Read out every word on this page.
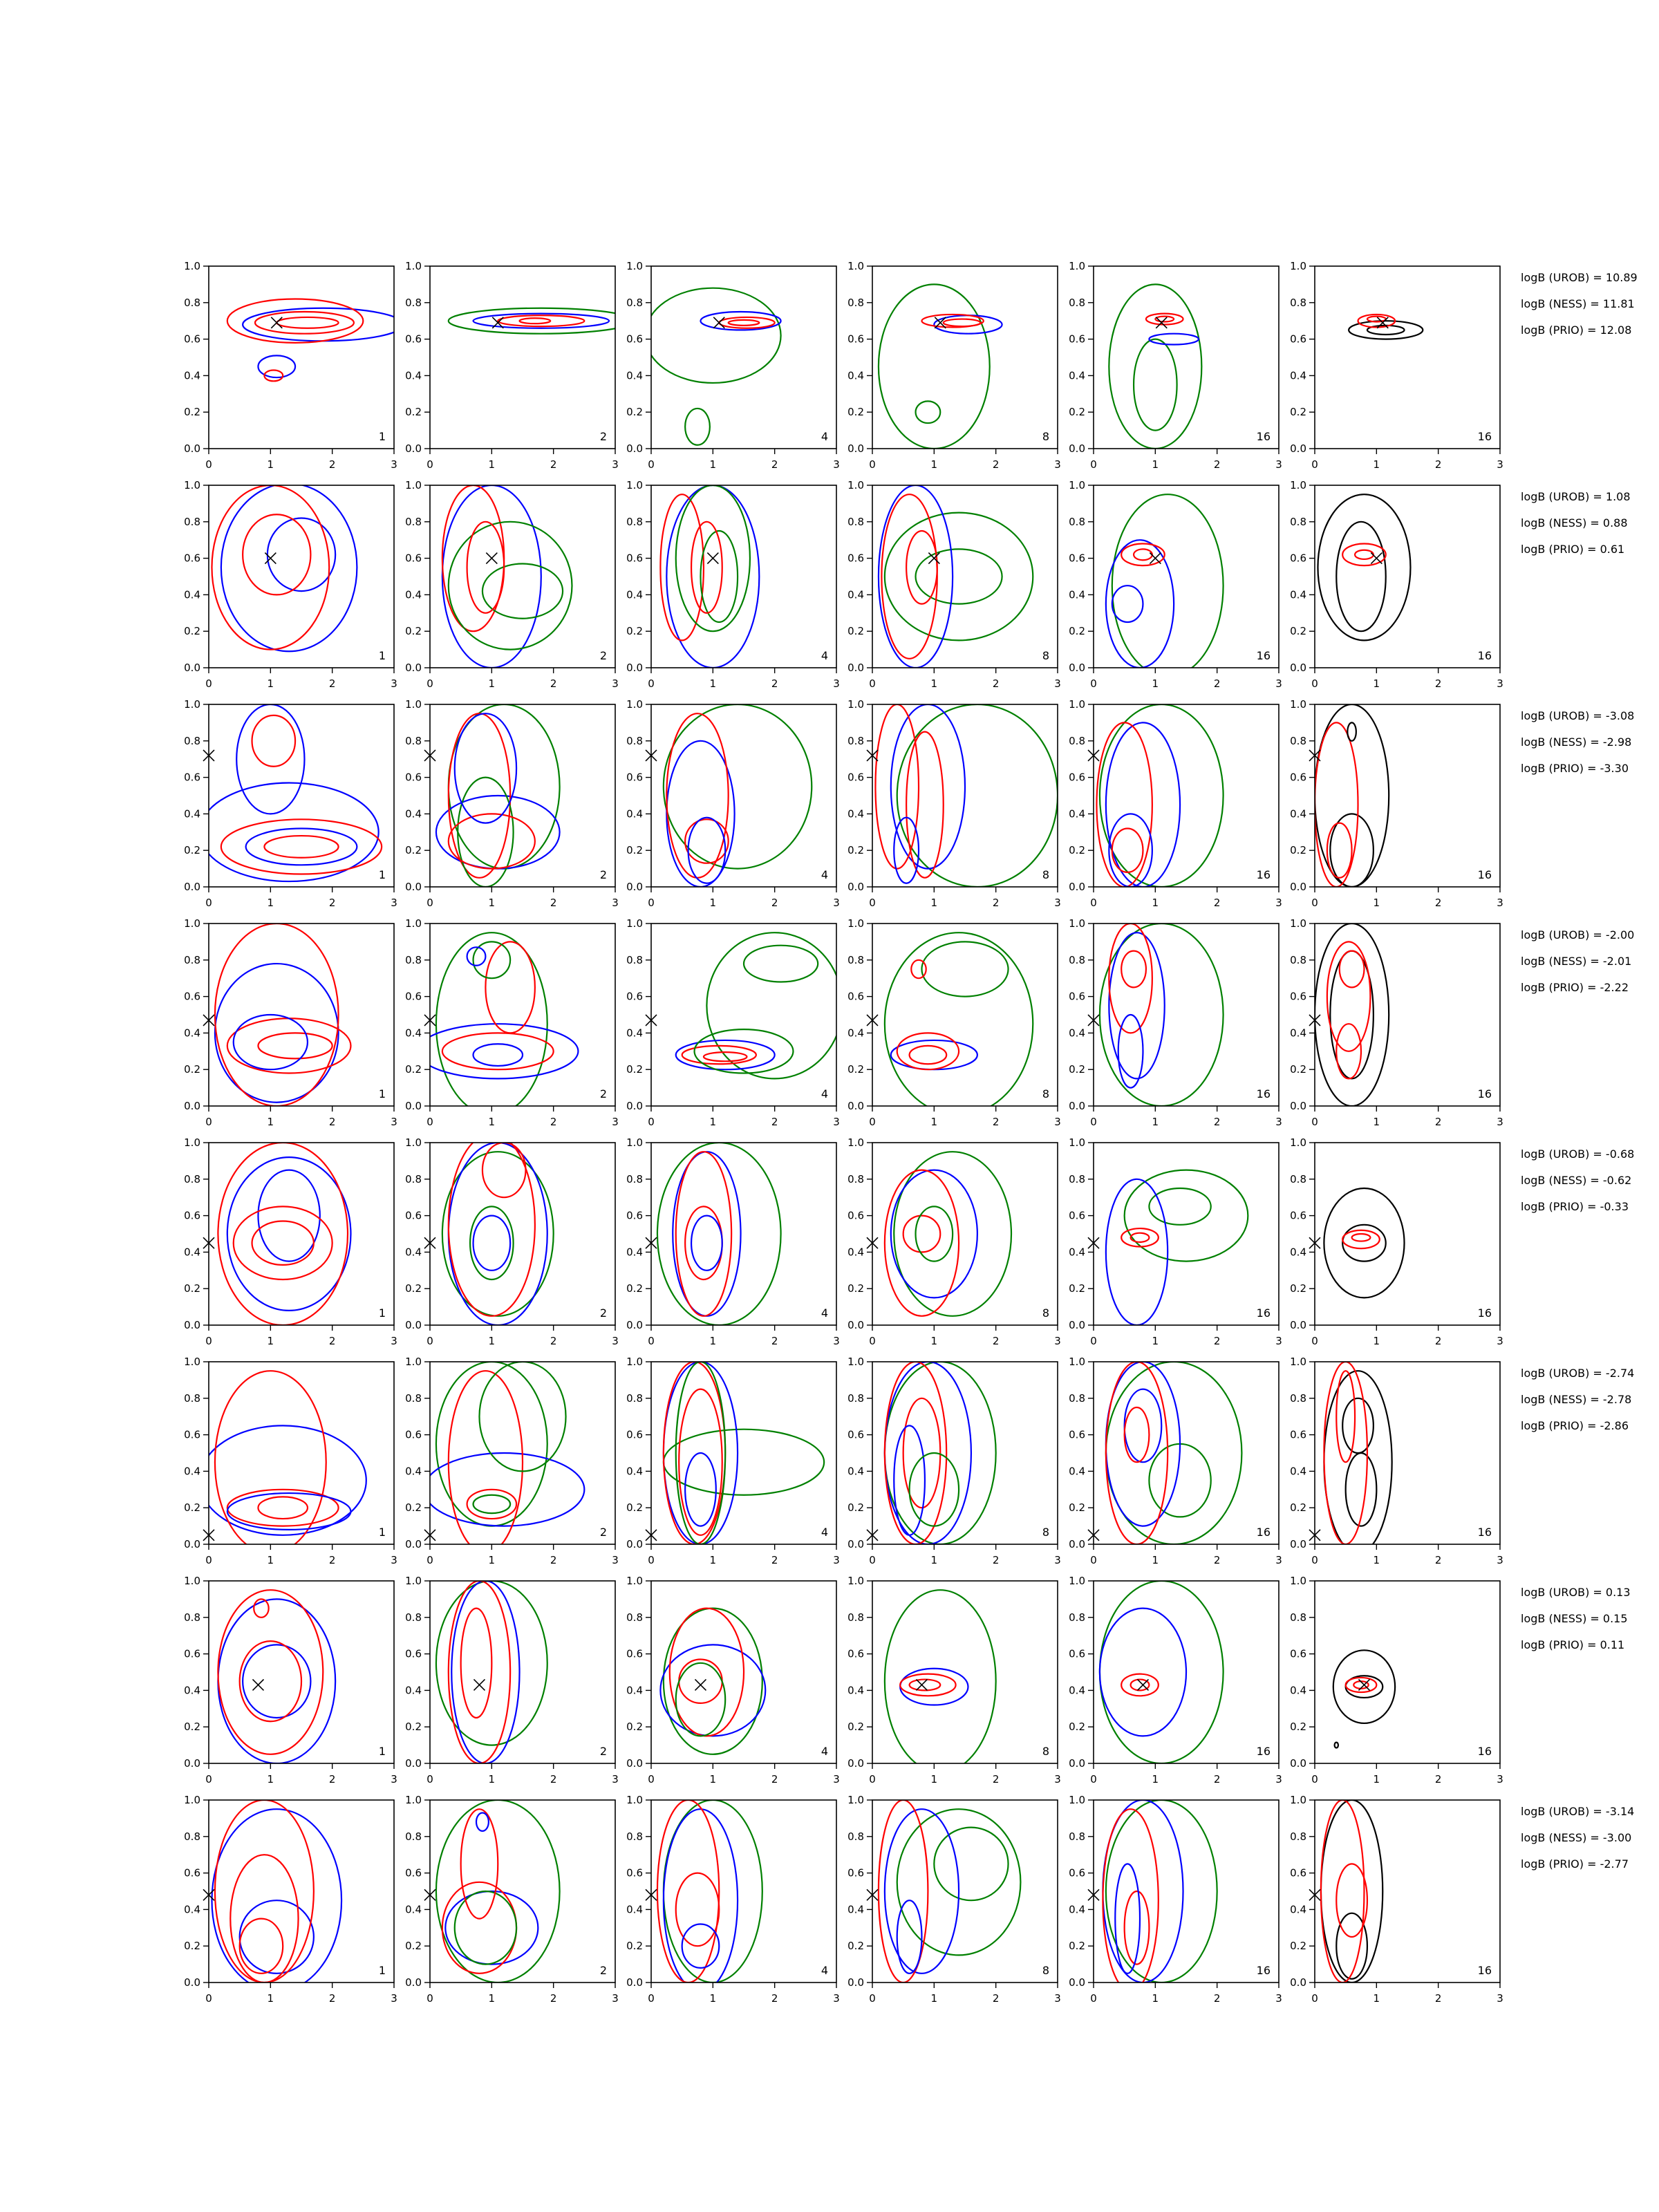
0	1	2	3
0.0
0.2
0.4
0.6
0.8
1.0
1
0	1	2	3
0.0
0.2
0.4
0.6
0.8
1.0
2
0	1	2	3
0.0
0.2
0.4
0.6
0.8
1.0
4
0	1	2	3
0.0
0.2
0.4
0.6
0.8
1.0
8
0	1	2	3
0.0
0.2
0.4
0.6
0.8
1.0
16
0	1	2	3
0.0
0.2
0.4
0.6
0.8
1.0
16
logB (UROB) = 10.89
logB (NESS) = 11.81
logB (PRIO) = 12.08
0	1	2	3
0.0
0.2
0.4
0.6
0.8
1.0
1
0	1	2	3
0.0
0.2
0.4
0.6
0.8
1.0
2
0	1	2	3
0.0
0.2
0.4
0.6
0.8
1.0
4
0	1	2	3
0.0
0.2
0.4
0.6
0.8
1.0
8
0	1	2	3
0.0
0.2
0.4
0.6
0.8
1.0
16
0	1	2	3
0.0
0.2
0.4
0.6
0.8
1.0
16
logB (UROB) = 1.08
logB (NESS) = 0.88
logB (PRIO) = 0.61
0	1	2	3
0.0
0.2
0.4
0.6
0.8
1.0
1
0	1	2	3
0.0
0.2
0.4
0.6
0.8
1.0
2
0	1	2	3
0.0
0.2
0.4
0.6
0.8
1.0
4
0	1	2	3
0.0
0.2
0.4
0.6
0.8
1.0
8
0	1	2	3
0.0
0.2
0.4
0.6
0.8
1.0
16
0	1	2	3
0.0
0.2
0.4
0.6
0.8
1.0
16
logB (UROB) = -3.08
logB (NESS) = -2.98
logB (PRIO) = -3.30
0	1	2	3
0.0
0.2
0.4
0.6
0.8
1.0
1
0	1	2	3
0.0
0.2
0.4
0.6
0.8
1.0
2
0	1	2	3
0.0
0.2
0.4
0.6
0.8
1.0
4
0	1	2	3
0.0
0.2
0.4
0.6
0.8
1.0
8
0	1	2	3
0.0
0.2
0.4
0.6
0.8
1.0
16
0	1	2	3
0.0
0.2
0.4
0.6
0.8
1.0
16
logB (UROB) = -2.00
logB (NESS) = -2.01
logB (PRIO) = -2.22
0	1	2	3
0.0
0.2
0.4
0.6
0.8
1.0
1
0	1	2	3
0.0
0.2
0.4
0.6
0.8
1.0
2
0	1	2	3
0.0
0.2
0.4
0.6
0.8
1.0
4
0	1	2	3
0.0
0.2
0.4
0.6
0.8
1.0
8
0	1	2	3
0.0
0.2
0.4
0.6
0.8
1.0
16
0	1	2	3
0.0
0.2
0.4
0.6
0.8
1.0
16
logB (UROB) = -0.68
logB (NESS) = -0.62
logB (PRIO) = -0.33
0	1	2	3
0.0
0.2
0.4
0.6
0.8
1.0
1
0	1	2	3
0.0
0.2
0.4
0.6
0.8
1.0
2
0	1	2	3
0.0
0.2
0.4
0.6
0.8
1.0
4
0	1	2	3
0.0
0.2
0.4
0.6
0.8
1.0
8
0	1	2	3
0.0
0.2
0.4
0.6
0.8
1.0
16
0	1	2	3
0.0
0.2
0.4
0.6
0.8
1.0
16
logB (UROB) = -2.74
logB (NESS) = -2.78
logB (PRIO) = -2.86
0	1	2	3
0.0
0.2
0.4
0.6
0.8
1.0
1
0	1	2	3
0.0
0.2
0.4
0.6
0.8
1.0
2
0	1	2	3
0.0
0.2
0.4
0.6
0.8
1.0
4
0	1	2	3
0.0
0.2
0.4
0.6
0.8
1.0
8
0	1	2	3
0.0
0.2
0.4
0.6
0.8
1.0
16
0	1	2	3
0.0
0.2
0.4
0.6
0.8
1.0
16
logB (UROB) = 0.13
logB (NESS) = 0.15
logB (PRIO) = 0.11
0	1	2	3
0.0
0.2
0.4
0.6
0.8
1.0
1
0	1	2	3
0.0
0.2
0.4
0.6
0.8
1.0
2
0	1	2	3
0.0
0.2
0.4
0.6
0.8
1.0
4
0	1	2	3
0.0
0.2
0.4
0.6
0.8
1.0
8
0	1	2	3
0.0
0.2
0.4
0.6
0.8
1.0
16
0	1	2	3
0.0
0.2
0.4
0.6
0.8
1.0
16
logB (UROB) = -3.14
logB (NESS) = -3.00
logB (PRIO) = -2.77
